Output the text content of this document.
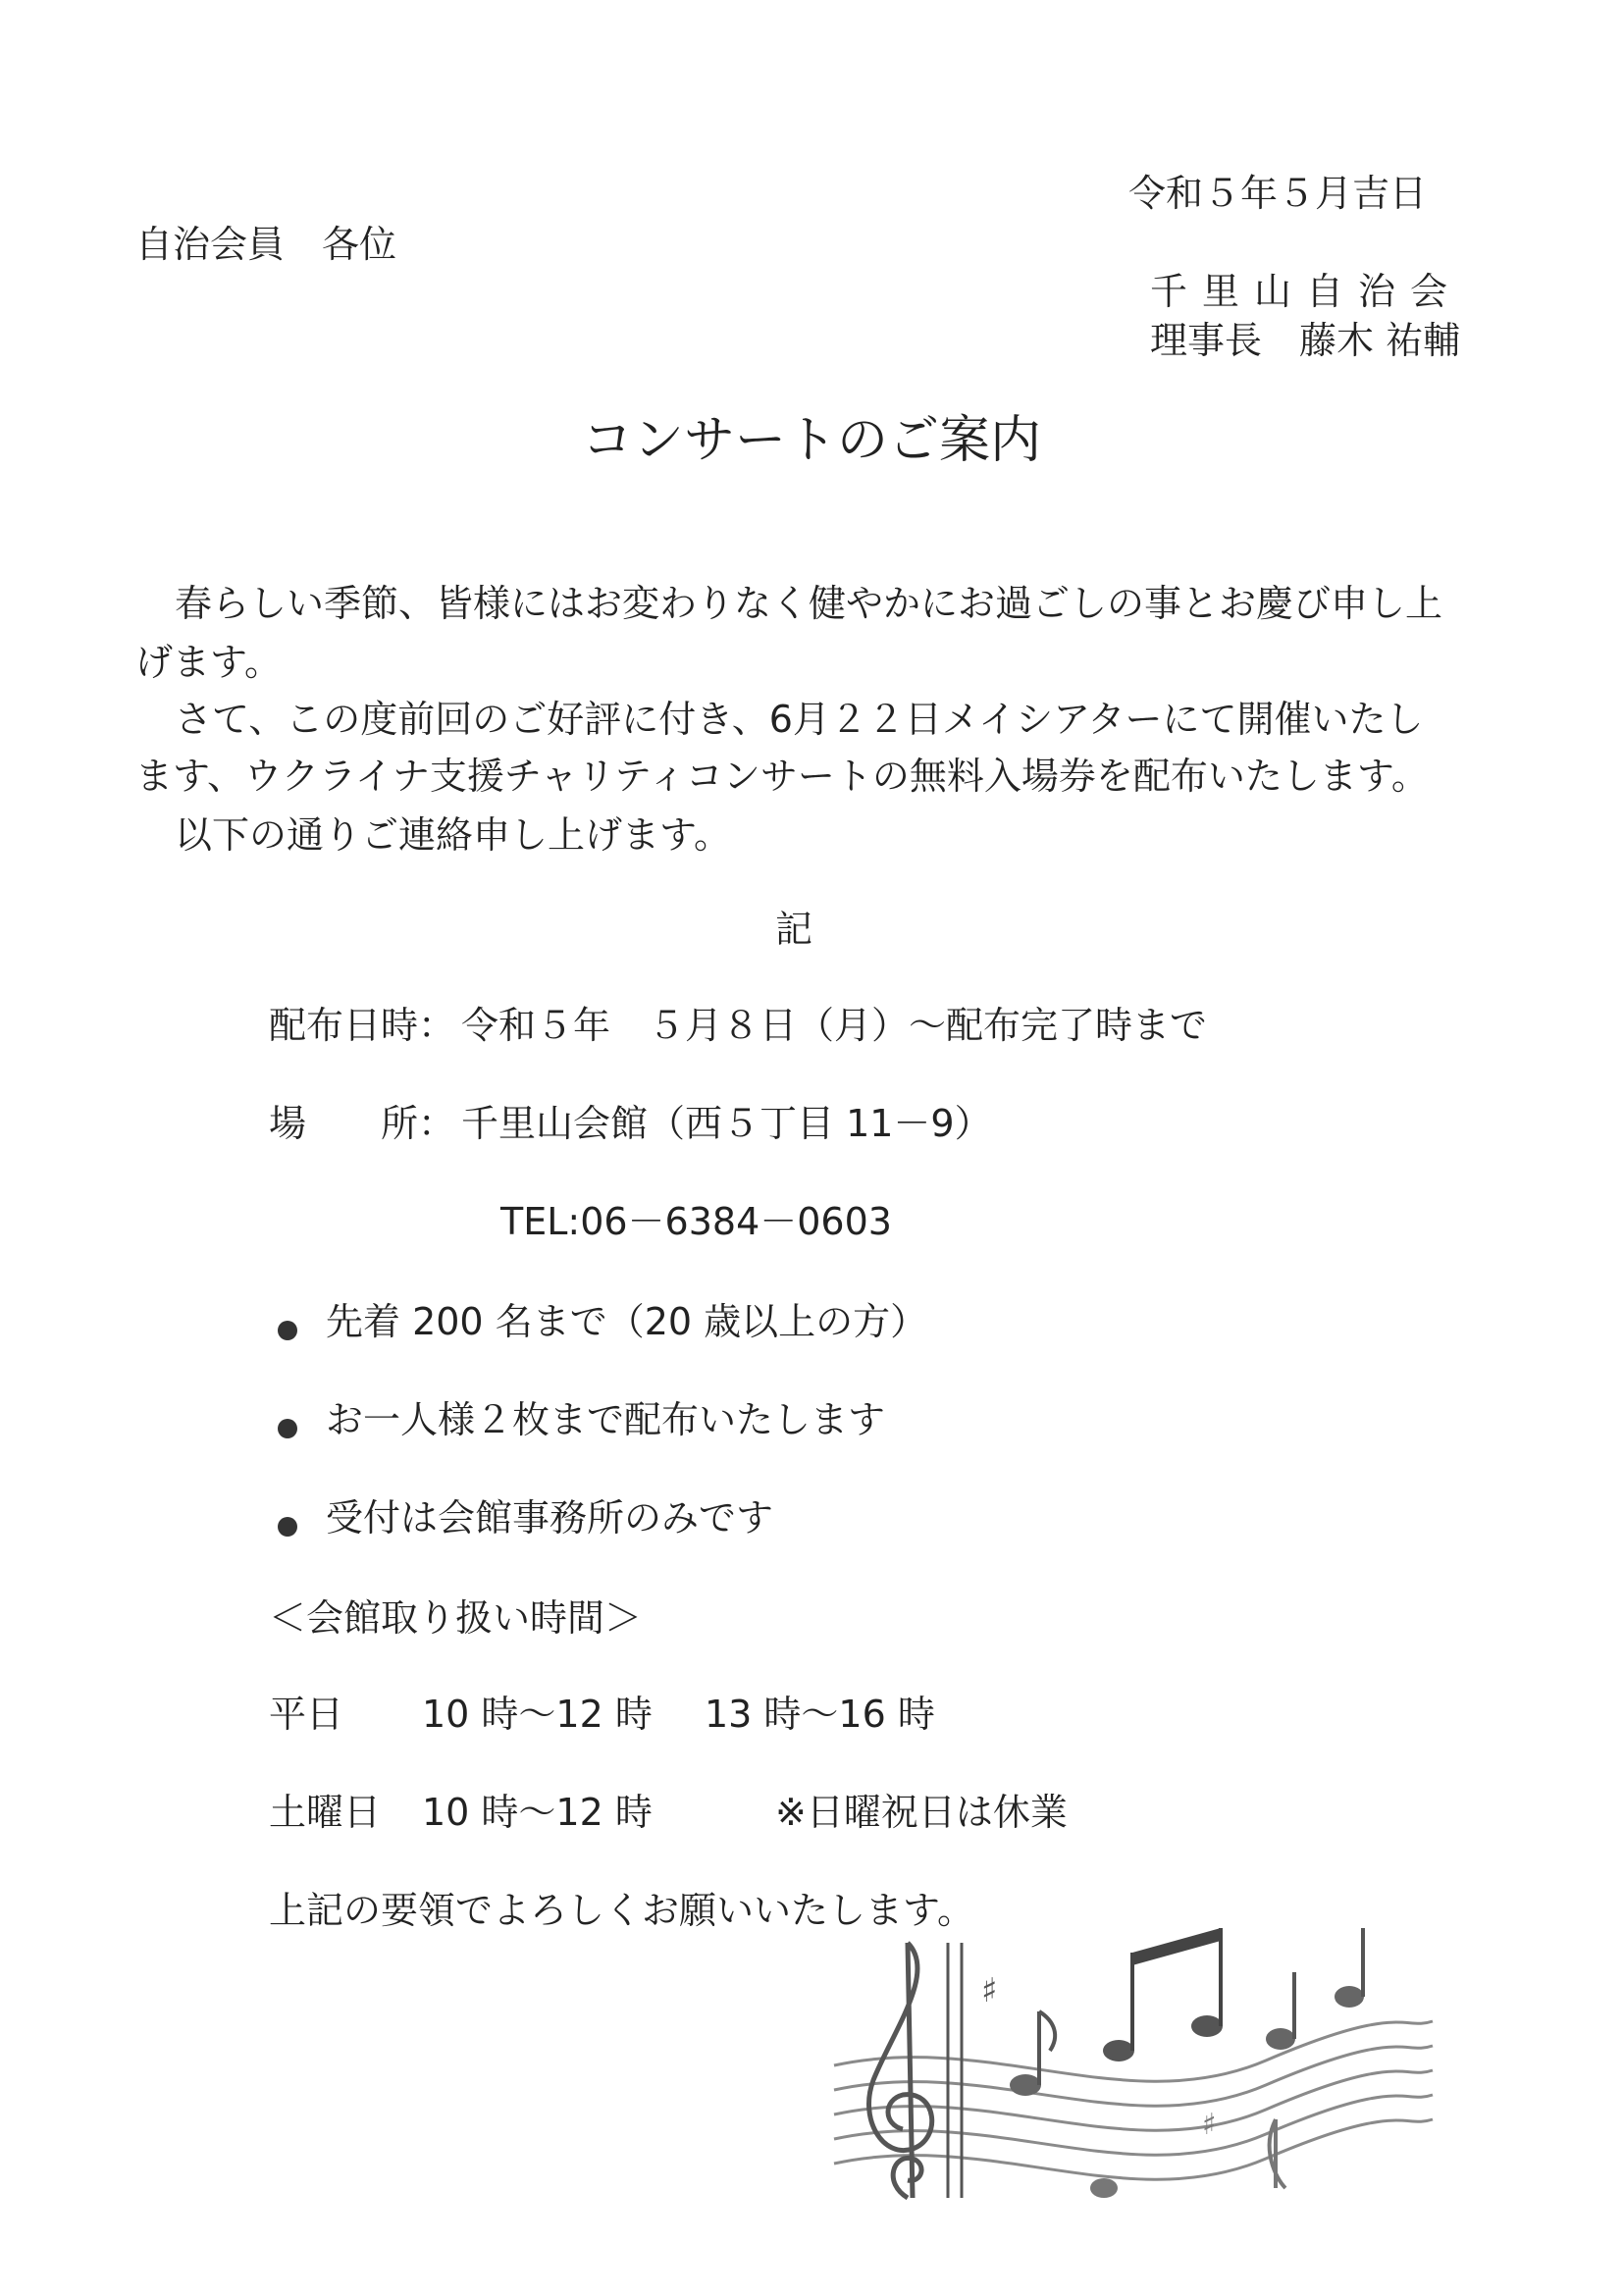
令和５年５月吉日
自治会員　各位
千里山自治会
理事長　藤木 祐輔
コンサートのご案内
春らしい季節、皆様にはお変わりなく健やかにお過ごしの事とお慶び申し上
げます。
さて、この度前回のご好評に付き、6月２２日メイシアターにて開催いたし
ます、ウクライナ支援チャリティコンサートの無料入場券を配布いたします。
以下の通りご連絡申し上げます。
記
配布日時： 令和５年　５月８日（月）～配布完了時まで
場　　所： 千里山会館（西５丁目 11－9）
TEL:06－6384－0603
先着 200 名まで（20 歳以上の方）
お一人様２枚まで配布いたします
受付は会館事務所のみです
＜会館取り扱い時間＞
平日 10 時～12 時 13 時～16 時
土曜日 10 時～12 時	※日曜祝日は休業
上記の要領でよろしくお願いいたします。
♯
♯
